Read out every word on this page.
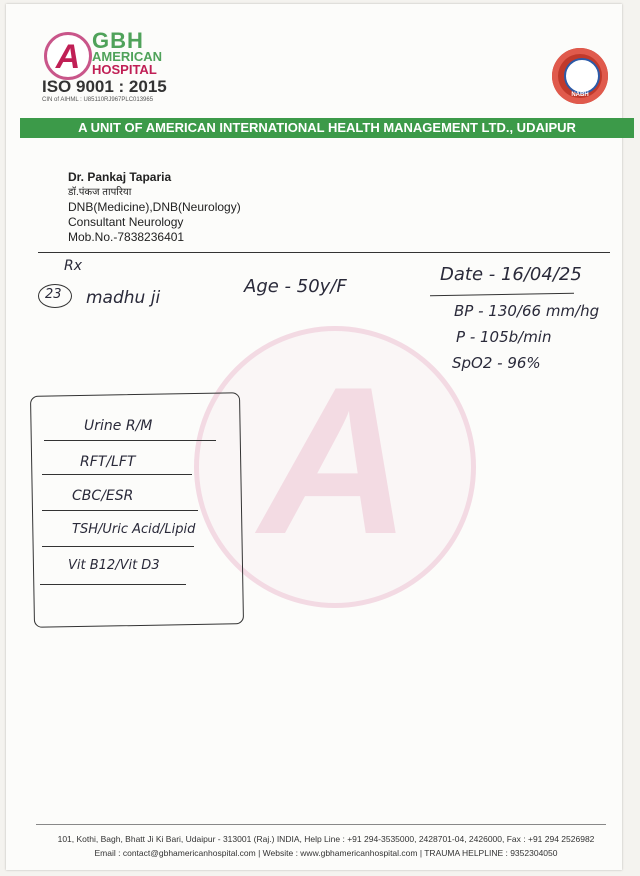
A GBH
AMERICAN
HOSPITAL
ISO 9001 : 2015
CIN of AIHML : U85110RJ967PLC013965
NABH
A UNIT OF AMERICAN INTERNATIONAL HEALTH MANAGEMENT LTD., UDAIPUR
Dr. Pankaj Taparia
डॉ.पंकज तापरिया
DNB(Medicine),DNB(Neurology)
Consultant Neurology
Mob.No.-7838236401
A
Rx
23 madhu ji
Age - 50y/F
Date - 16/04/25
BP - 130/66 mm/hg
P - 105b/min
SpO2 - 96%
Urine R/M
RFT/LFT
CBC/ESR
TSH/Uric Acid/Lipid
Vit B12/Vit D3
101, Kothi, Bagh, Bhatt Ji Ki Bari, Udaipur - 313001 (Raj.) INDIA, Help Line : +91 294-3535000, 2428701-04, 2426000, Fax : +91 294 2526982
Email : contact@gbhamericanhospital.com | Website : www.gbhamericanhospital.com | TRAUMA HELPLINE : 9352304050
